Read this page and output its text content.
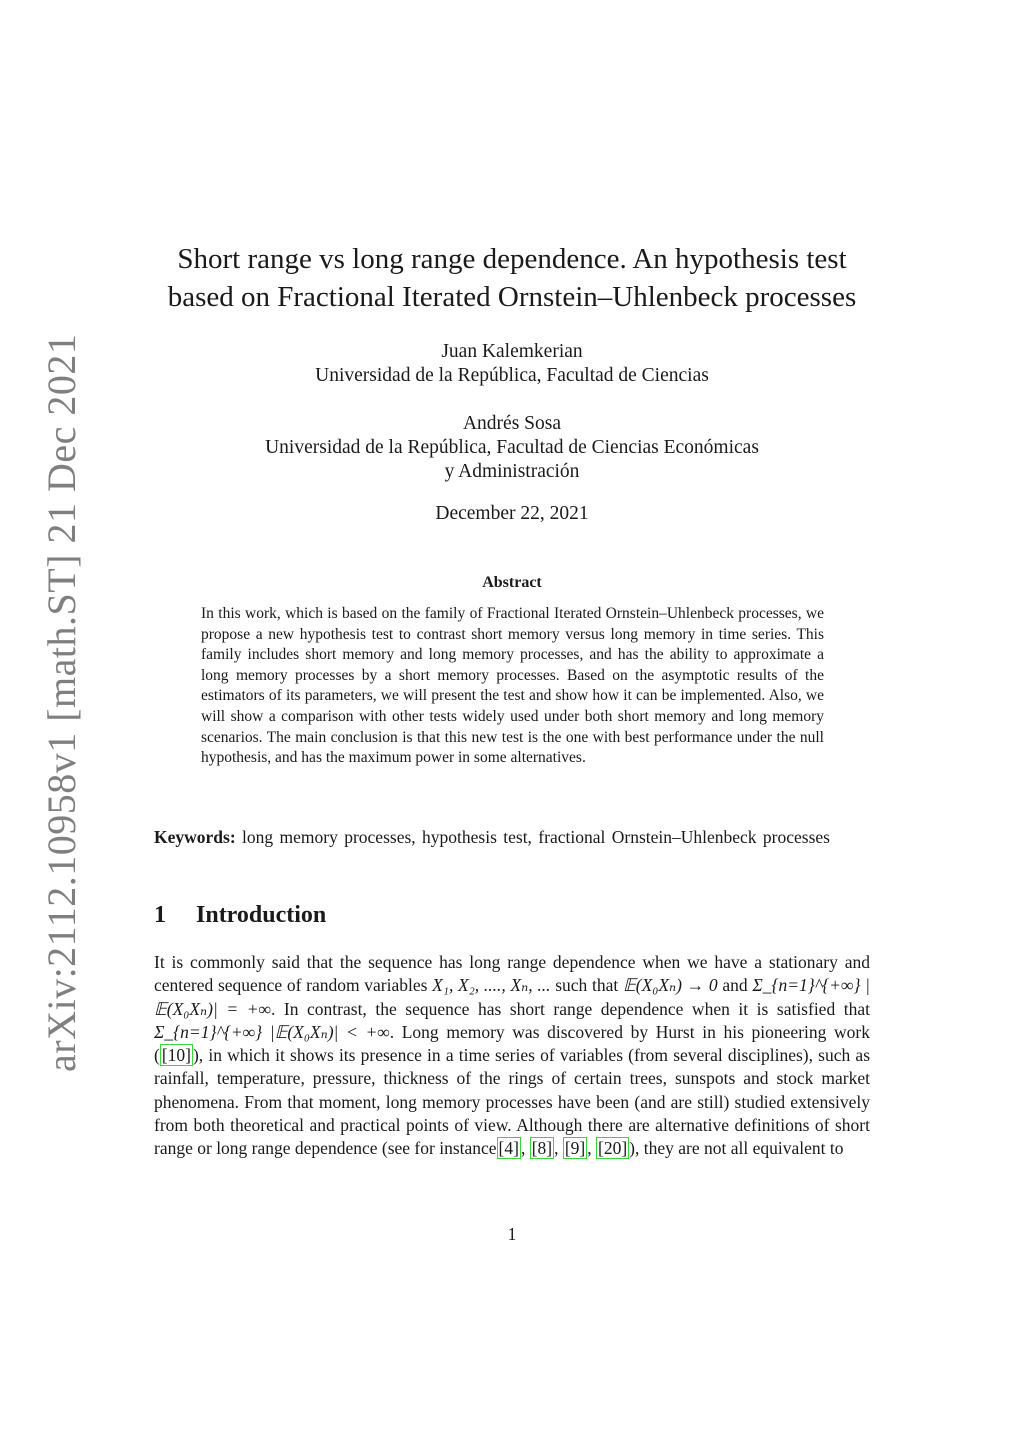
arXiv:2112.10958v1 [math.ST] 21 Dec 2021
Short range vs long range dependence. An hypothesis test
based on Fractional Iterated Ornstein–Uhlenbeck processes
Juan Kalemkerian
Universidad de la República, Facultad de Ciencias
Andrés Sosa
Universidad de la República, Facultad de Ciencias Económicas
y Administración
December 22, 2021
Abstract
In this work, which is based on the family of Fractional Iterated Ornstein–Uhlenbeck processes, we propose a new hypothesis test to contrast short memory versus long memory in time series. This family includes short memory and long memory processes, and has the ability to approximate a long memory processes by a short memory processes. Based on the asymptotic results of the estimators of its parameters, we will present the test and show how it can be implemented. Also, we will show a comparison with other tests widely used under both short memory and long memory scenarios. The main conclusion is that this new test is the one with best performance under the null hypothesis, and has the maximum power in some alternatives.
Keywords: long memory processes, hypothesis test, fractional Ornstein–Uhlenbeck processes
1 Introduction
It is commonly said that the sequence has long range dependence when we have a stationary and centered sequence of random variables X₁, X₂, ...., Xₙ, ... such that 𝔼(X₀Xₙ) → 0 and Σ_{n=1}^{+∞} |𝔼(X₀Xₙ)| = +∞. In contrast, the sequence has short range dependence when it is satisfied that Σ_{n=1}^{+∞} |𝔼(X₀Xₙ)| < +∞. Long memory was discovered by Hurst in his pioneering work ( [10] ), in which it shows its presence in a time series of variables (from several disciplines), such as rainfall, temperature, pressure, thickness of the rings of certain trees, sunspots and stock market phenomena. From that moment, long memory processes have been (and are still) studied extensively from both theoretical and practical points of view. Although there are alternative definitions of short range or long range dependence (see for instance [4] , [8] , [9] , [20] ), they are not all equivalent to
1
